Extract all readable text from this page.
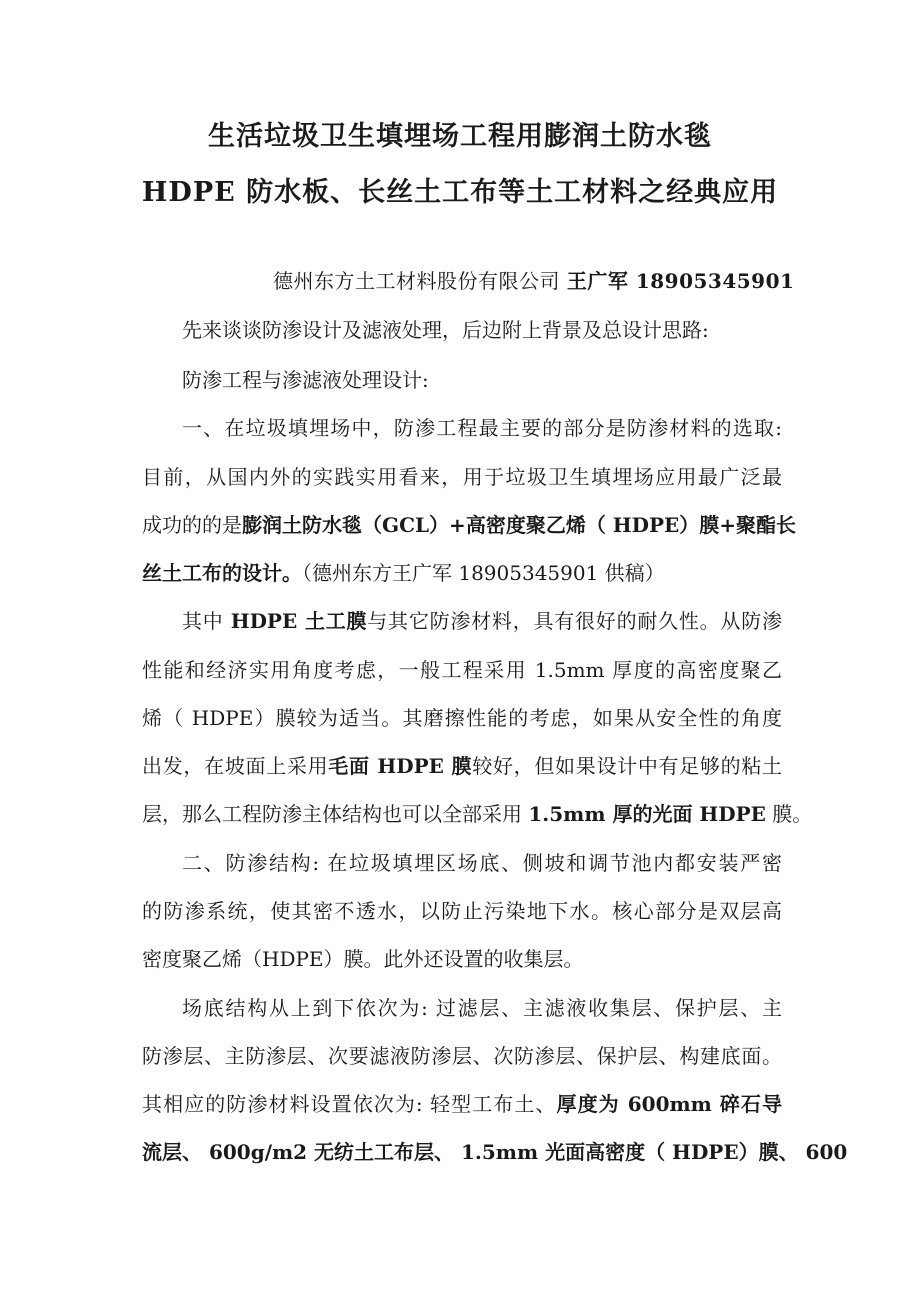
生活垃圾卫生填埋场工程用膨润土防水毯
HDPE 防水板、长丝土工布等土工材料之经典应用
德州东方土工材料股份有限公司 王广军 18905345901
先来谈谈防渗设计及滤液处理，后边附上背景及总设计思路:
防渗工程与渗滤液处理设计:
一、在垃圾填埋场中，防渗工程最主要的部分是防渗材料的选取:
目前，从国内外的实践实用看来，用于垃圾卫生填埋场应用最广泛最
成功的的是膨润土防水毯（GCL）+高密度聚乙烯（ HDPE）膜+聚酯长
丝土工布的设计。（德州东方王广军 18905345901 供稿）
其中 HDPE 土工膜与其它防渗材料，具有很好的耐久性。从防渗
性能和经济实用角度考虑，一般工程采用 1.5mm 厚度的高密度聚乙
烯（ HDPE）膜较为适当。其磨擦性能的考虑，如果从安全性的角度
出发，在坡面上采用毛面 HDPE 膜较好，但如果设计中有足够的粘土
层，那么工程防渗主体结构也可以全部采用 1.5mm 厚的光面 HDPE 膜。
二、防渗结构: 在垃圾填埋区场底、侧坡和调节池内都安装严密
的防渗系统，使其密不透水，以防止污染地下水。核心部分是双层高
密度聚乙烯（HDPE）膜。此外还设置的收集层。
场底结构从上到下依次为: 过滤层、主滤液收集层、保护层、主
防渗层、主防渗层、次要滤液防渗层、次防渗层、保护层、构建底面。
其相应的防渗材料设置依次为: 轻型工布土、厚度为 600mm 碎石导
流层、 600g/m2 无纺土工布层、 1.5mm 光面高密度（ HDPE）膜、 600
